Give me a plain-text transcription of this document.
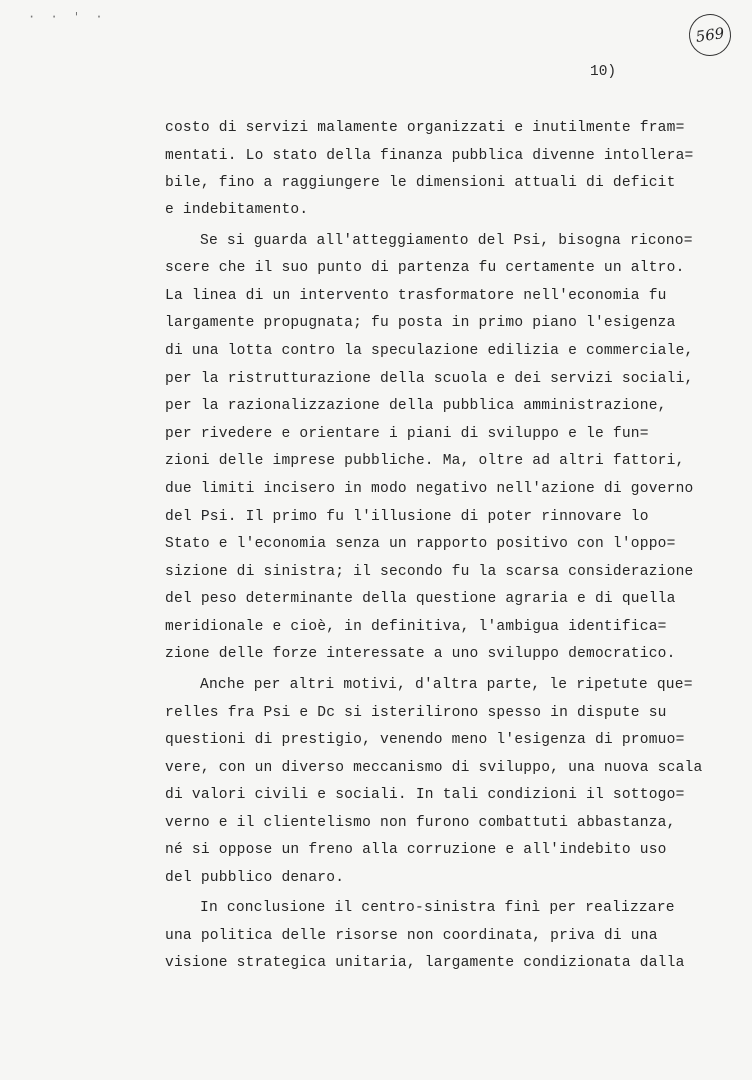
· · ' ·
569
10)
costo di servizi malamente organizzati e inutilmente fram=
mentati. Lo stato della finanza pubblica divenne intollera=
bile, fino a raggiungere le dimensioni attuali di deficit
e indebitamento.
Se si guarda all'atteggiamento del Psi, bisogna ricono=
scere che il suo punto di partenza fu certamente un altro.
La linea di un intervento trasformatore nell'economia fu
largamente propugnata; fu posta in primo piano l'esigenza
di una lotta contro la speculazione edilizia e commerciale,
per la ristrutturazione della scuola e dei servizi sociali,
per la razionalizzazione della pubblica amministrazione,
per rivedere e orientare i piani di sviluppo e le fun=
zioni delle imprese pubbliche. Ma, oltre ad altri fattori,
due limiti incisero in modo negativo nell'azione di governo
del Psi. Il primo fu l'illusione di poter rinnovare lo
Stato e l'economia senza un rapporto positivo con l'oppo=
sizione di sinistra; il secondo fu la scarsa considerazione
del peso determinante della questione agraria e di quella
meridionale e cioè, in definitiva, l'ambigua identifica=
zione delle forze interessate a uno sviluppo democratico.
Anche per altri motivi, d'altra parte, le ripetute que=
relles fra Psi e Dc si isterilirono spesso in dispute su
questioni di prestigio, venendo meno l'esigenza di promuo=
vere, con un diverso meccanismo di sviluppo, una nuova scala
di valori civili e sociali. In tali condizioni il sottogo=
verno e il clientelismo non furono combattuti abbastanza,
né si oppose un freno alla corruzione e all'indebito uso
del pubblico denaro.
In conclusione il centro-sinistra finì per realizzare
una politica delle risorse non coordinata, priva di una
visione strategica unitaria, largamente condizionata dalla
